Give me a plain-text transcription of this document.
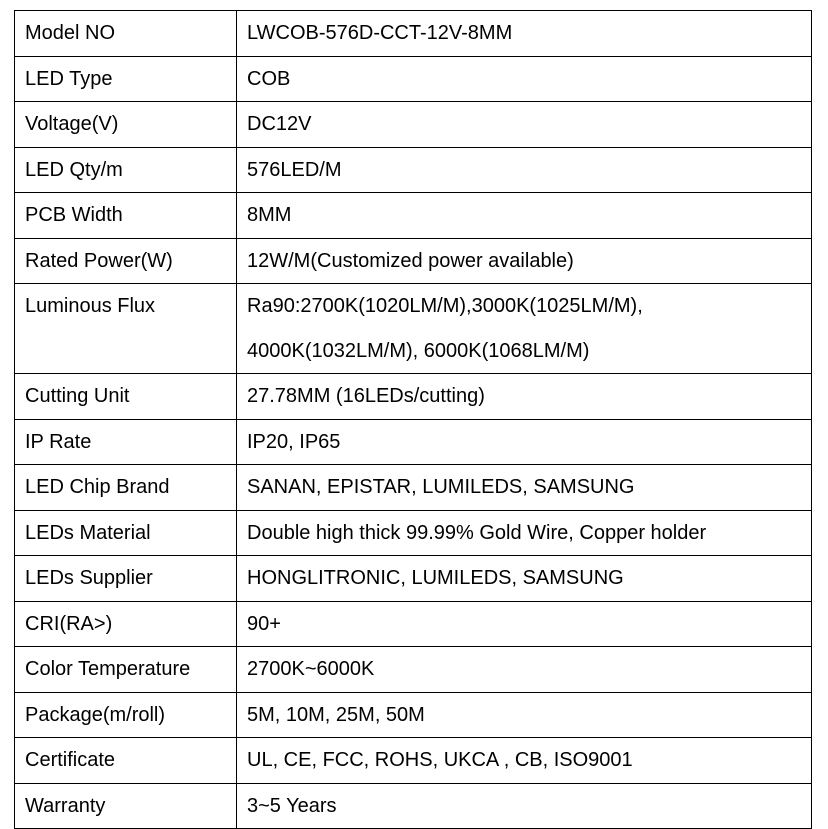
Model NO	LWCOB-576D-CCT-12V-8MM

LED Type	COB

Voltage(V)	DC12V

LED Qty/m	576LED/M

PCB Width	8MM

Rated Power(W)	12W/M(Customized power available)

Luminous Flux	Ra90:2700K(1020LM/M),3000K(1025LM/M),
4000K(1032LM/M), 6000K(1068LM/M)

Cutting Unit	27.78MM (16LEDs/cutting)

IP Rate	IP20, IP65

LED Chip Brand	SANAN, EPISTAR, LUMILEDS, SAMSUNG

LEDs Material	Double high thick 99.99% Gold Wire, Copper holder

LEDs Supplier	HONGLITRONIC, LUMILEDS, SAMSUNG

CRI(RA>)	90+

Color Temperature	2700K~6000K

Package(m/roll)	5M, 10M, 25M, 50M

Certificate	UL, CE, FCC, ROHS, UKCA , CB, ISO9001

Warranty	3~5 Years
